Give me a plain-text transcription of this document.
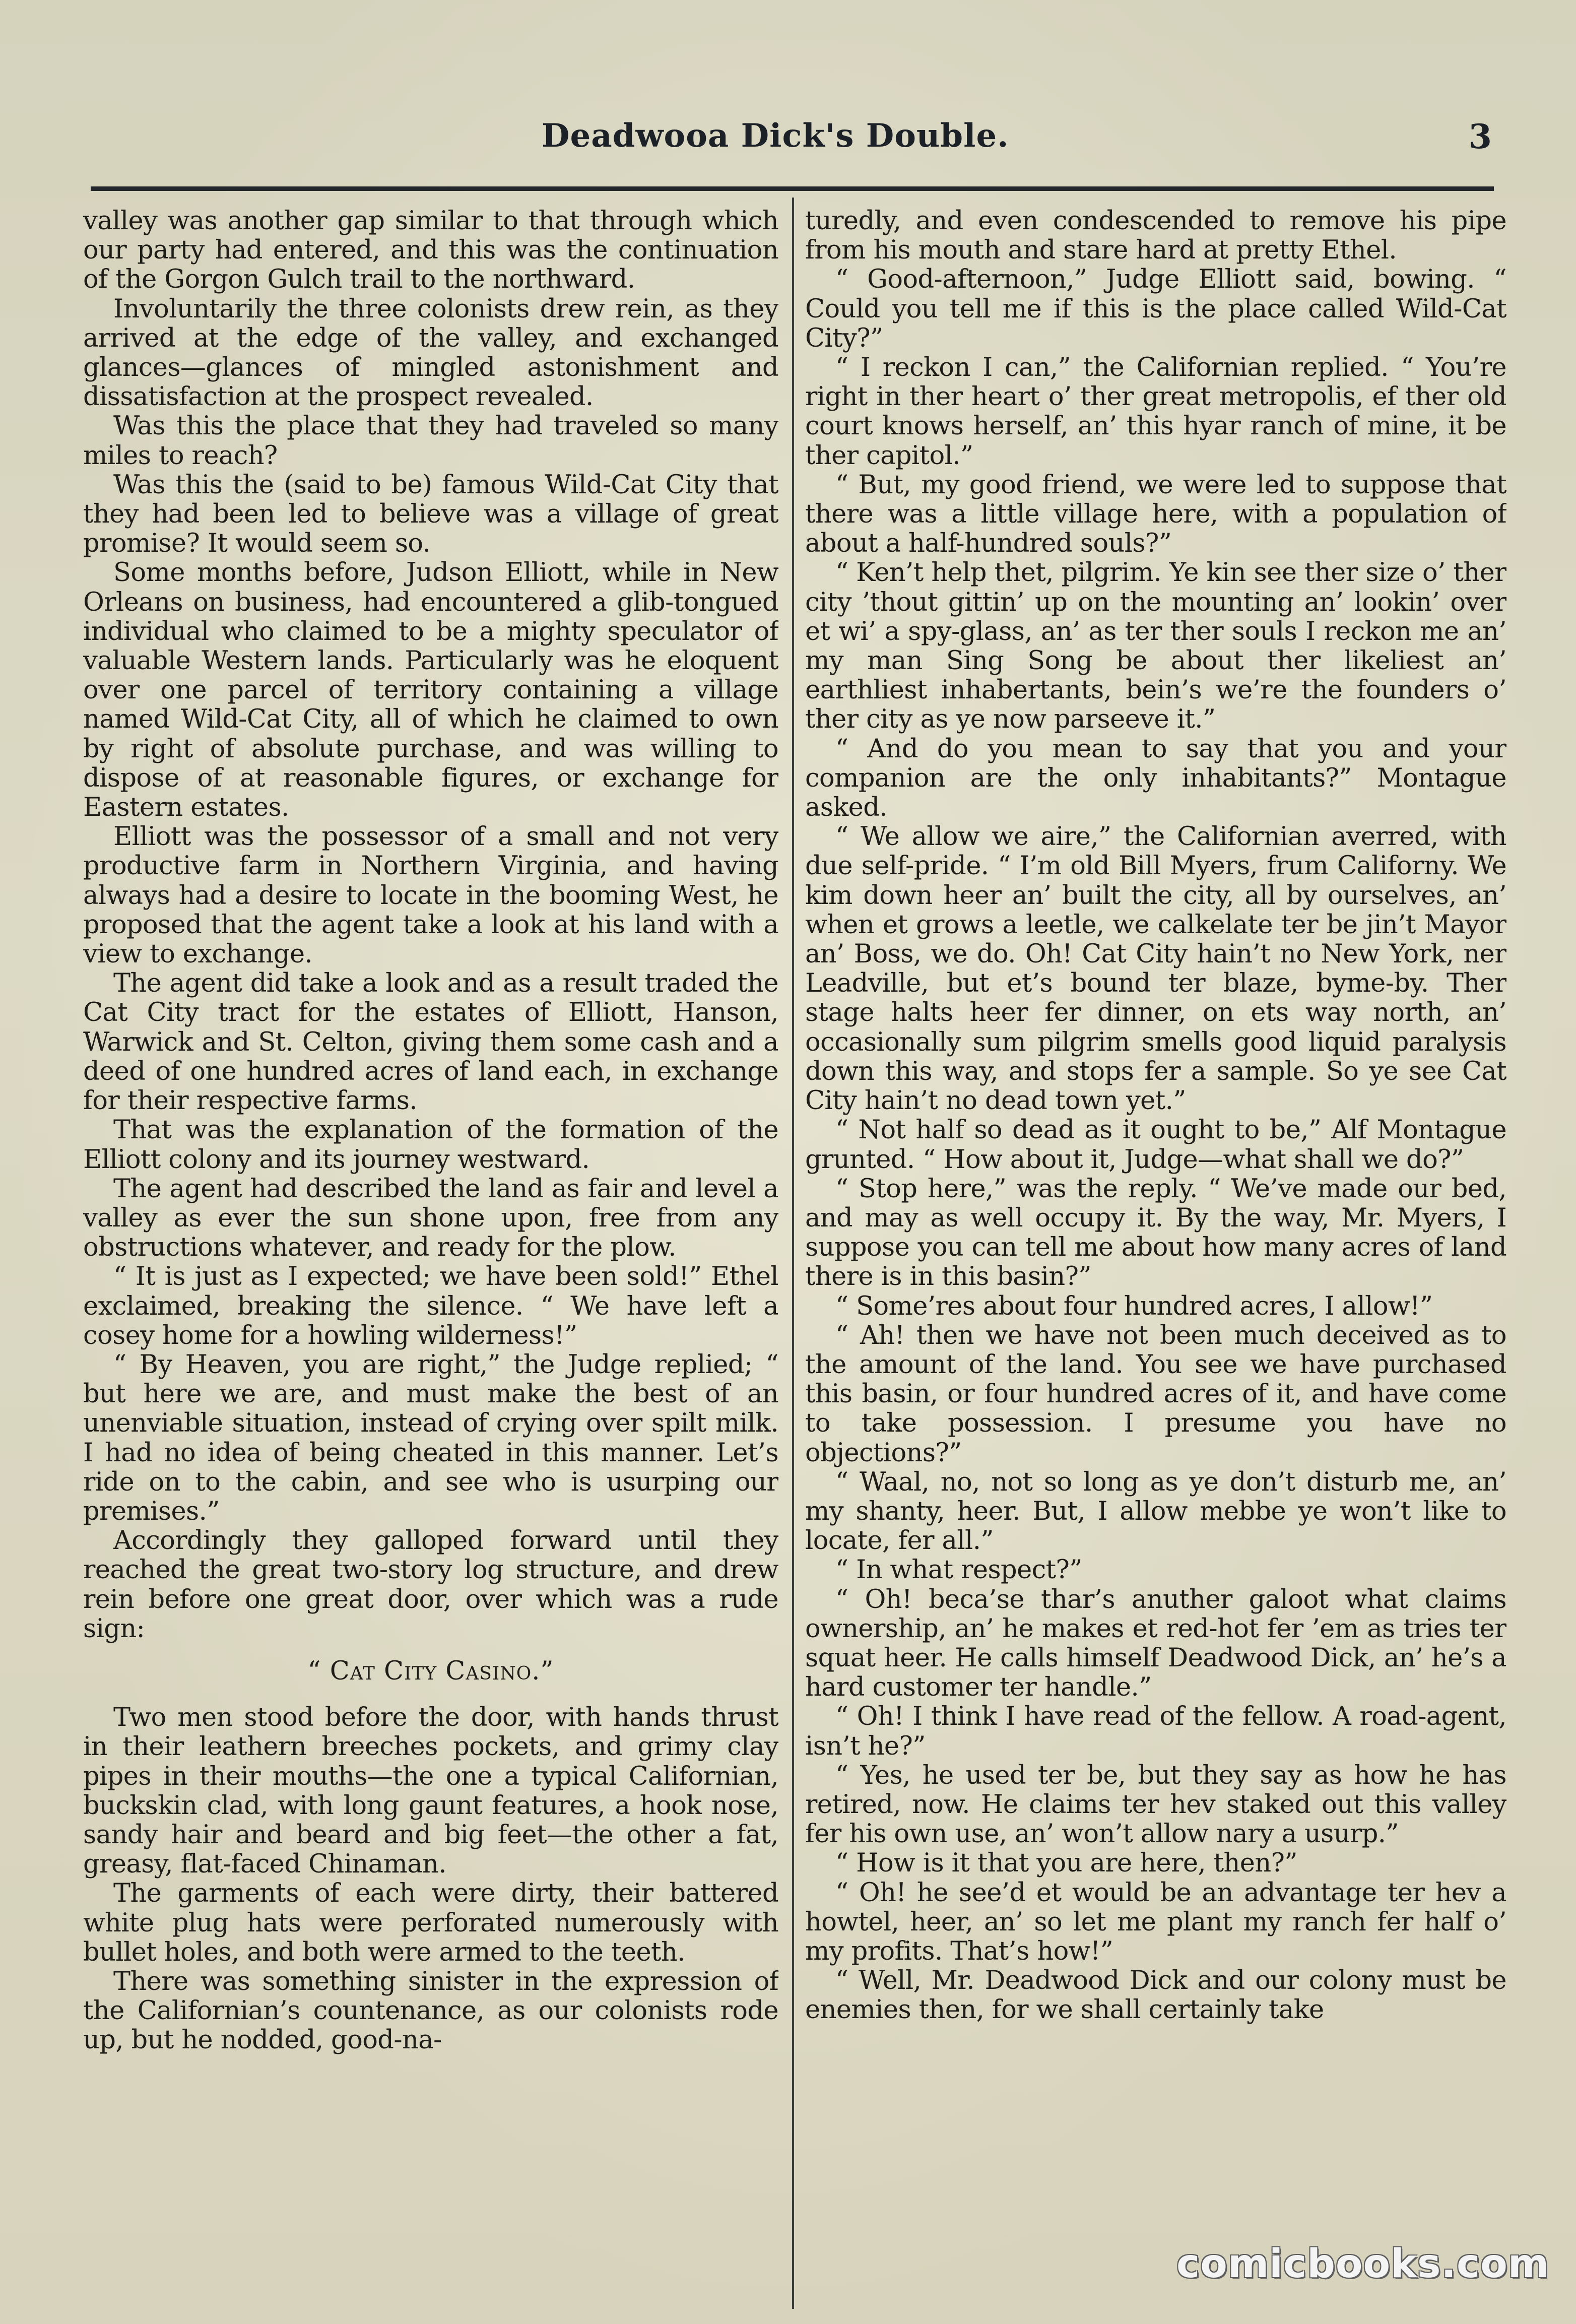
Deadwooa Dick's Double.	3

valley was another gap similar to that through which our party had entered, and this was the continuation of the Gorgon Gulch trail to the northward.

Involuntarily the three colonists drew rein, as they arrived at the edge of the valley, and exchanged glances—glances of mingled astonishment and dissatisfaction at the prospect revealed.

Was this the place that they had traveled so many miles to reach?

Was this the (said to be) famous Wild-Cat City that they had been led to believe was a village of great promise? It would seem so.

Some months before, Judson Elliott, while in New Orleans on business, had encountered a glib-tongued individual who claimed to be a mighty speculator of valuable Western lands. Particularly was he eloquent over one parcel of territory containing a village named Wild-Cat City, all of which he claimed to own by right of absolute purchase, and was willing to dispose of at reasonable figures, or exchange for Eastern estates.

Elliott was the possessor of a small and not very productive farm in Northern Virginia, and having always had a desire to locate in the booming West, he proposed that the agent take a look at his land with a view to exchange.

The agent did take a look and as a result traded the Cat City tract for the estates of Elliott, Hanson, Warwick and St. Celton, giving them some cash and a deed of one hundred acres of land each, in exchange for their respective farms.

That was the explanation of the formation of the Elliott colony and its journey westward.

The agent had described the land as fair and level a valley as ever the sun shone upon, free from any obstructions whatever, and ready for the plow.

“ It is just as I expected; we have been sold!” Ethel exclaimed, breaking the silence. “ We have left a cosey home for a howling wilderness!”

“ By Heaven, you are right,” the Judge replied; “ but here we are, and must make the best of an unenviable situation, instead of crying over spilt milk. I had no idea of being cheated in this manner. Let’s ride on to the cabin, and see who is usurping our premises.”

Accordingly they galloped forward until they reached the great two-story log structure, and drew rein before one great door, over which was a rude sign:

“ Cat City Casino.”

Two men stood before the door, with hands thrust in their leathern breeches pockets, and grimy clay pipes in their mouths—the one a typical Californian, buckskin clad, with long gaunt features, a hook nose, sandy hair and beard and big feet—the other a fat, greasy, flat-faced Chinaman.

The garments of each were dirty, their battered white plug hats were perforated numerously with bullet holes, and both were armed to the teeth.

There was something sinister in the expression of the Californian’s countenance, as our colonists rode up, but he nodded, good-na-

turedly, and even condescended to remove his pipe from his mouth and stare hard at pretty Ethel.

“ Good-afternoon,” Judge Elliott said, bowing. “ Could you tell me if this is the place called Wild-Cat City?”

“ I reckon I can,” the Californian replied. “ You’re right in ther heart o’ ther great metropolis, ef ther old court knows herself, an’ this hyar ranch of mine, it be ther capitol.”

“ But, my good friend, we were led to suppose that there was a little village here, with a population of about a half-hundred souls?”

“ Ken’t help thet, pilgrim. Ye kin see ther size o’ ther city ’thout gittin’ up on the mounting an’ lookin’ over et wi’ a spy-glass, an’ as ter ther souls I reckon me an’ my man Sing Song be about ther likeliest an’ earthliest inhabertants, bein’s we’re the founders o’ ther city as ye now parseeve it.”

“ And do you mean to say that you and your companion are the only inhabitants?” Montague asked.

“ We allow we aire,” the Californian averred, with due self-pride. “ I’m old Bill Myers, frum Californy. We kim down heer an’ built the city, all by ourselves, an’ when et grows a leetle, we calkelate ter be jin’t Mayor an’ Boss, we do. Oh! Cat City hain’t no New York, ner Leadville, but et’s bound ter blaze, byme-by. Ther stage halts heer fer dinner, on ets way north, an’ occasionally sum pilgrim smells good liquid paralysis down this way, and stops fer a sample. So ye see Cat City hain’t no dead town yet.”

“ Not half so dead as it ought to be,” Alf Montague grunted. “ How about it, Judge—what shall we do?”

“ Stop here,” was the reply. “ We’ve made our bed, and may as well occupy it. By the way, Mr. Myers, I suppose you can tell me about how many acres of land there is in this basin?”

“ Some’res about four hundred acres, I allow!”

“ Ah! then we have not been much deceived as to the amount of the land. You see we have purchased this basin, or four hundred acres of it, and have come to take possession. I presume you have no objections?”

“ Waal, no, not so long as ye don’t disturb me, an’ my shanty, heer. But, I allow mebbe ye won’t like to locate, fer all.”

“ In what respect?”

“ Oh! beca’se thar’s anuther galoot what claims ownership, an’ he makes et red-hot fer ’em as tries ter squat heer. He calls himself Deadwood Dick, an’ he’s a hard customer ter handle.”

“ Oh! I think I have read of the fellow. A road-agent, isn’t he?”

“ Yes, he used ter be, but they say as how he has retired, now. He claims ter hev staked out this valley fer his own use, an’ won’t allow nary a usurp.”

“ How is it that you are here, then?”

“ Oh! he see’d et would be an advantage ter hev a howtel, heer, an’ so let me plant my ranch fer half o’ my profits. That’s how!”

“ Well, Mr. Deadwood Dick and our colony must be enemies then, for we shall certainly take

comicbooks.com
